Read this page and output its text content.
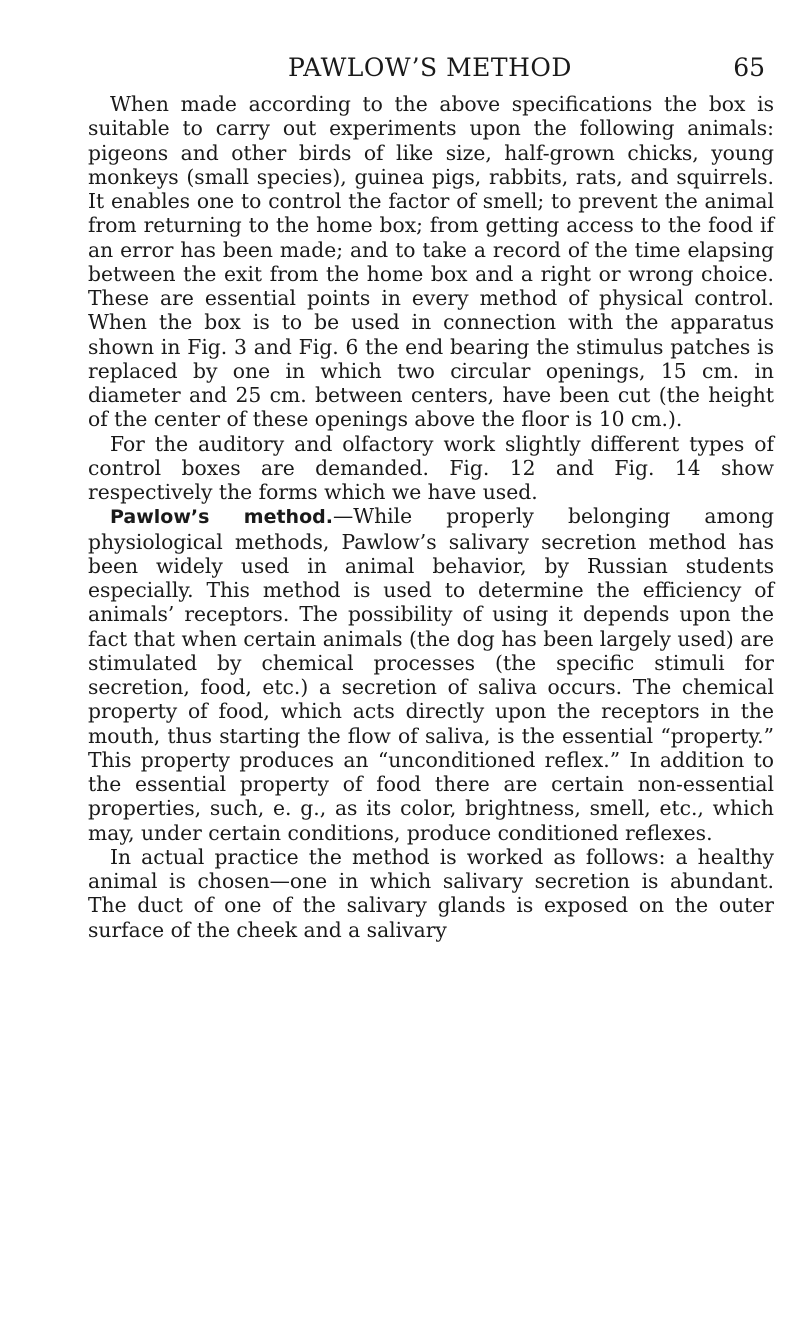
PAWLOW’S METHOD	65

When made according to the above specifications the box is suitable to carry out experiments upon the following animals: pigeons and other birds of like size, half-grown chicks, young monkeys (small species), guinea pigs, rabbits, rats, and squirrels. It enables one to control the factor of smell; to prevent the animal from returning to the home box; from getting access to the food if an error has been made; and to take a record of the time elapsing between the exit from the home box and a right or wrong choice. These are essential points in every method of physical control. When the box is to be used in connection with the apparatus shown in Fig. 3 and Fig. 6 the end bearing the stimulus patches is replaced by one in which two circular openings, 15 cm. in diameter and 25 cm. between centers, have been cut (the height of the center of these openings above the floor is 10 cm.).

For the auditory and olfactory work slightly different types of control boxes are demanded. Fig. 12 and Fig. 14 show respectively the forms which we have used.

Pawlow’s method.—While properly belonging among physiological methods, Pawlow’s salivary secretion method has been widely used in animal behavior, by Russian students especially. This method is used to determine the efficiency of animals’ receptors. The possibility of using it depends upon the fact that when certain animals (the dog has been largely used) are stimulated by chemical processes (the specific stimuli for secretion, food, etc.) a secretion of saliva occurs. The chemical property of food, which acts directly upon the receptors in the mouth, thus starting the flow of saliva, is the essential “property.” This property produces an “unconditioned reflex.” In addition to the essential property of food there are certain non-essential properties, such, e. g., as its color, brightness, smell, etc., which may, under certain conditions, produce conditioned reflexes.

In actual practice the method is worked as follows: a healthy animal is chosen—one in which salivary secretion is abundant. The duct of one of the salivary glands is exposed on the outer surface of the cheek and a salivary
